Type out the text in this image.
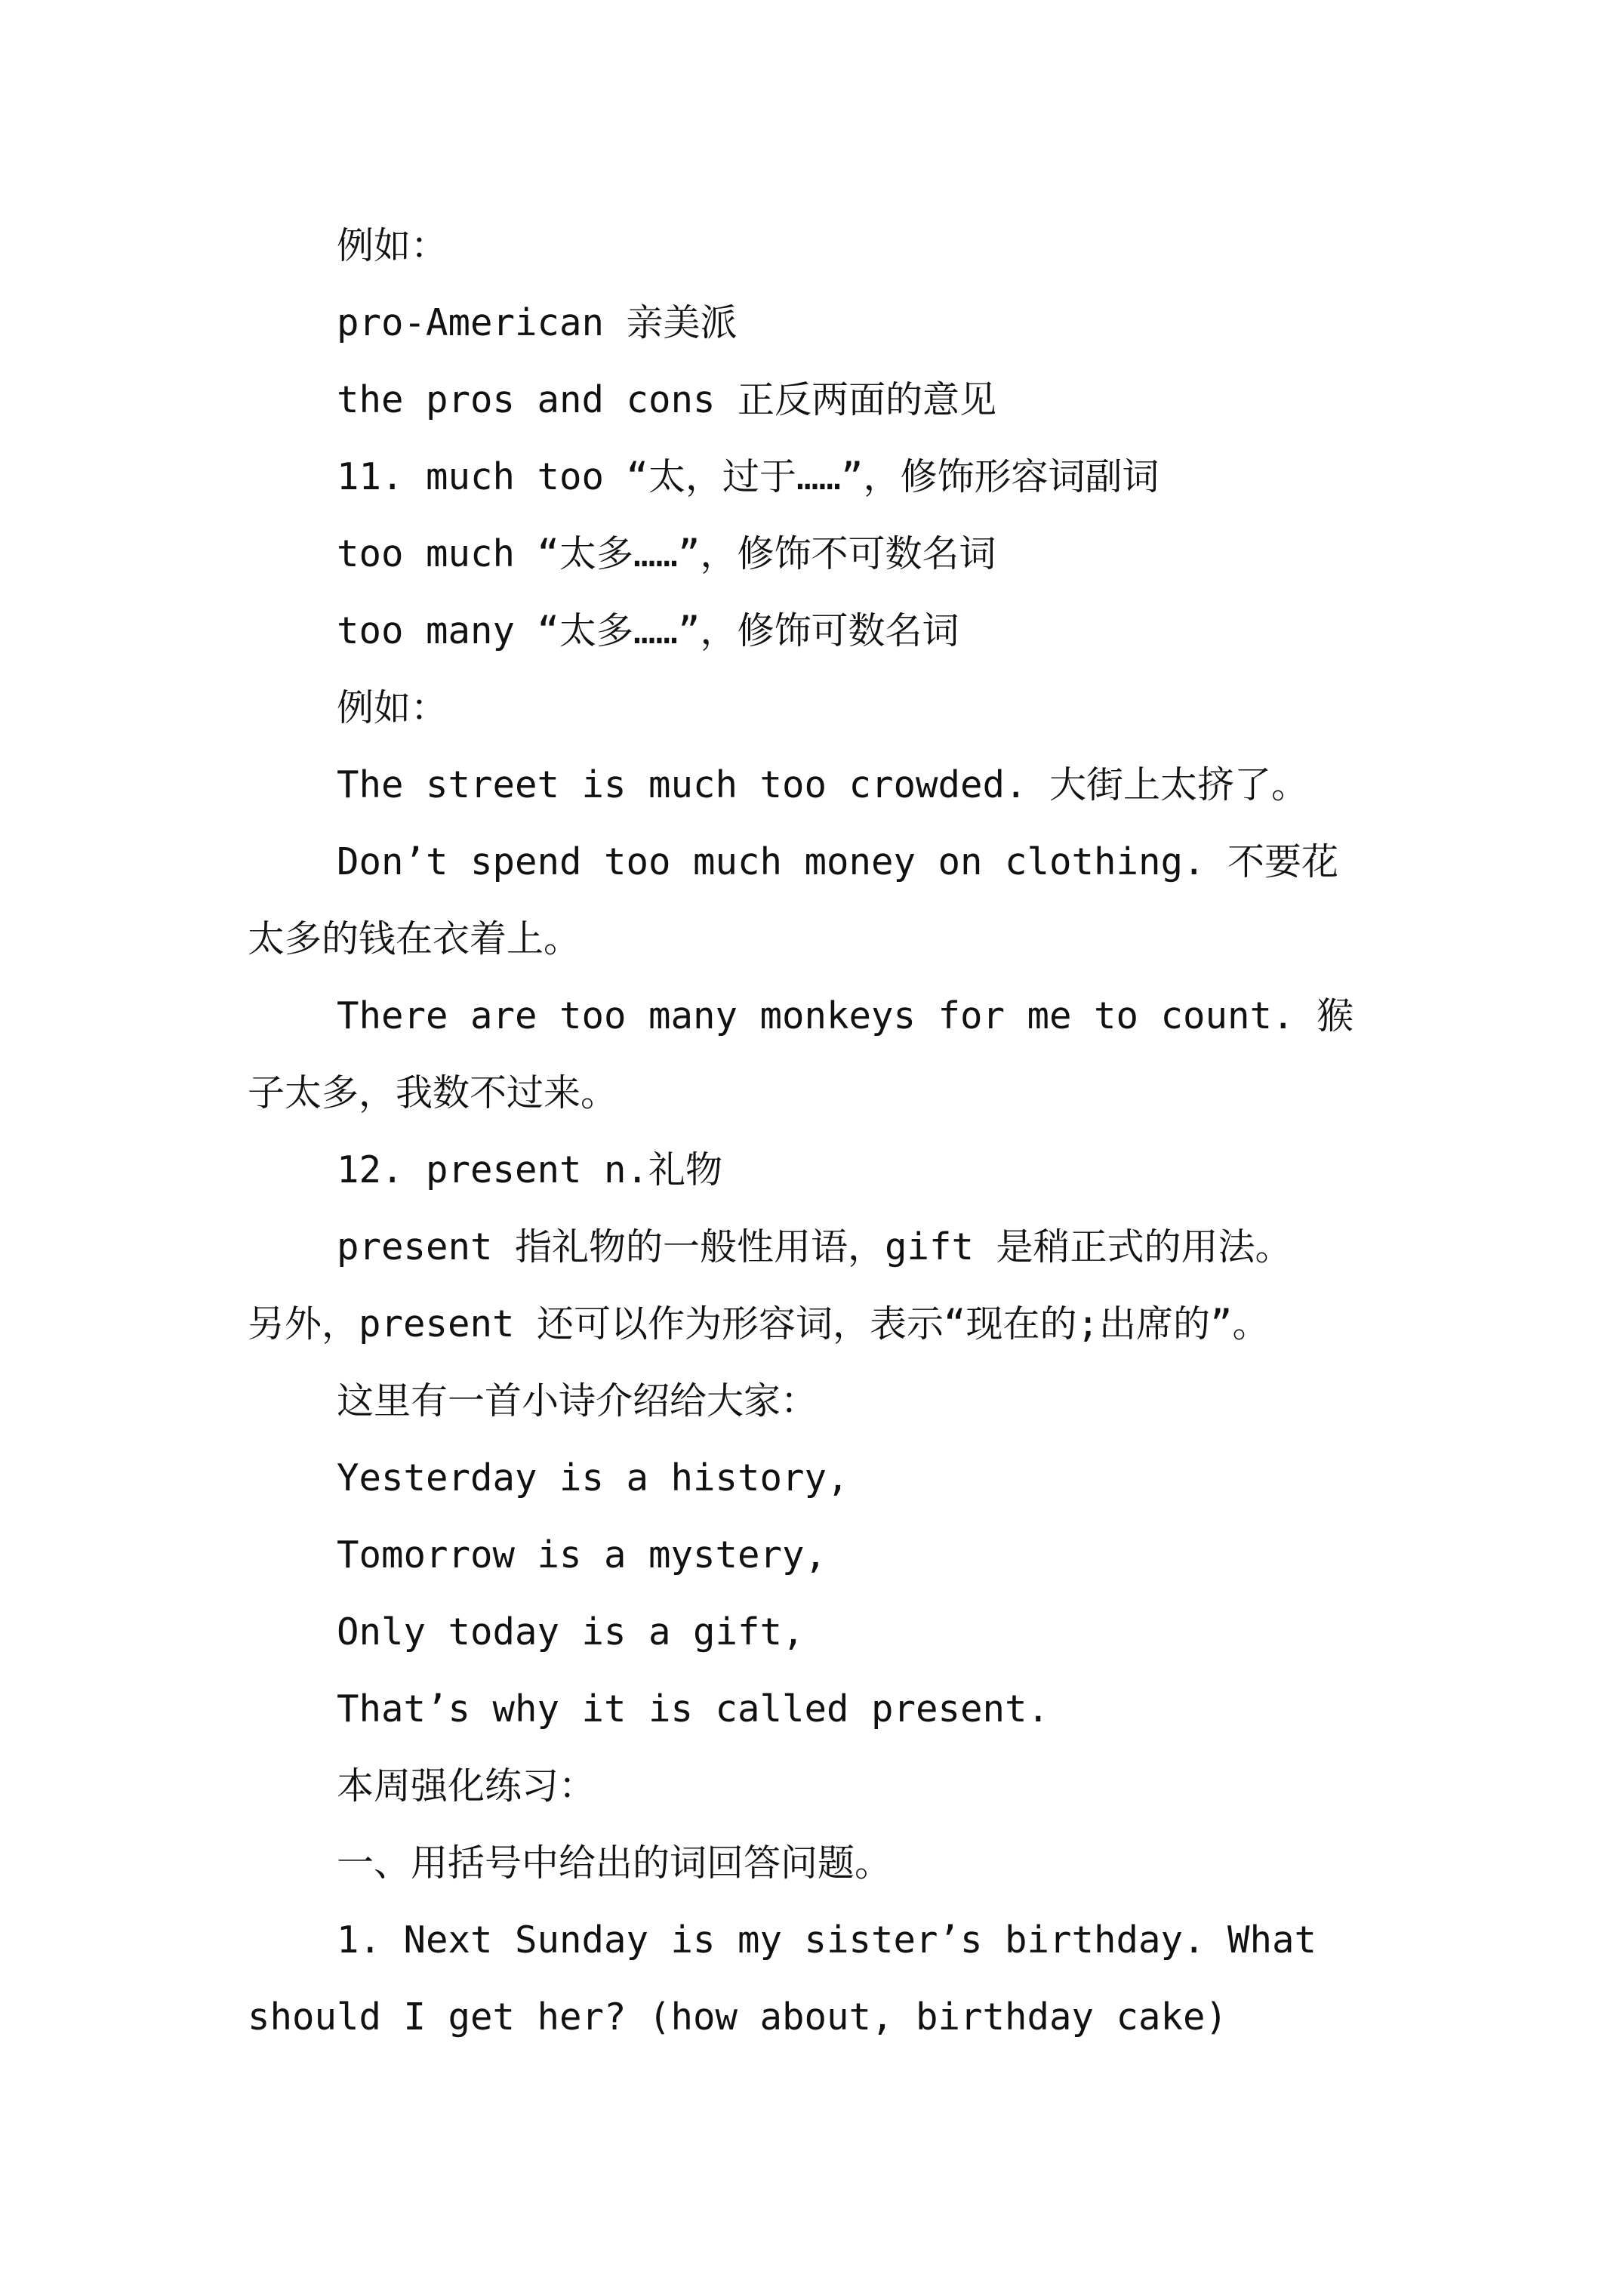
例如：

pro-American 亲美派

the pros and cons 正反两面的意见

11. much too “太，过于……”，修饰形容词副词

too much “太多……”，修饰不可数名词

too many “太多……”，修饰可数名词

例如：

The street is much too crowded. 大街上太挤了。

Don’t spend too much money on clothing. 不要花

太多的钱在衣着上。

There are too many monkeys for me to count. 猴

子太多，我数不过来。

12. present n.礼物

present 指礼物的一般性用语，gift 是稍正式的用法。

另外，present 还可以作为形容词，表示“现在的;出席的”。

这里有一首小诗介绍给大家：

Yesterday is a history,

Tomorrow is a mystery,

Only today is a gift,

That’s why it is called present.

本周强化练习：

一、用括号中给出的词回答问题。

1. Next Sunday is my sister’s birthday. What

should I get her? (how about, birthday cake)
